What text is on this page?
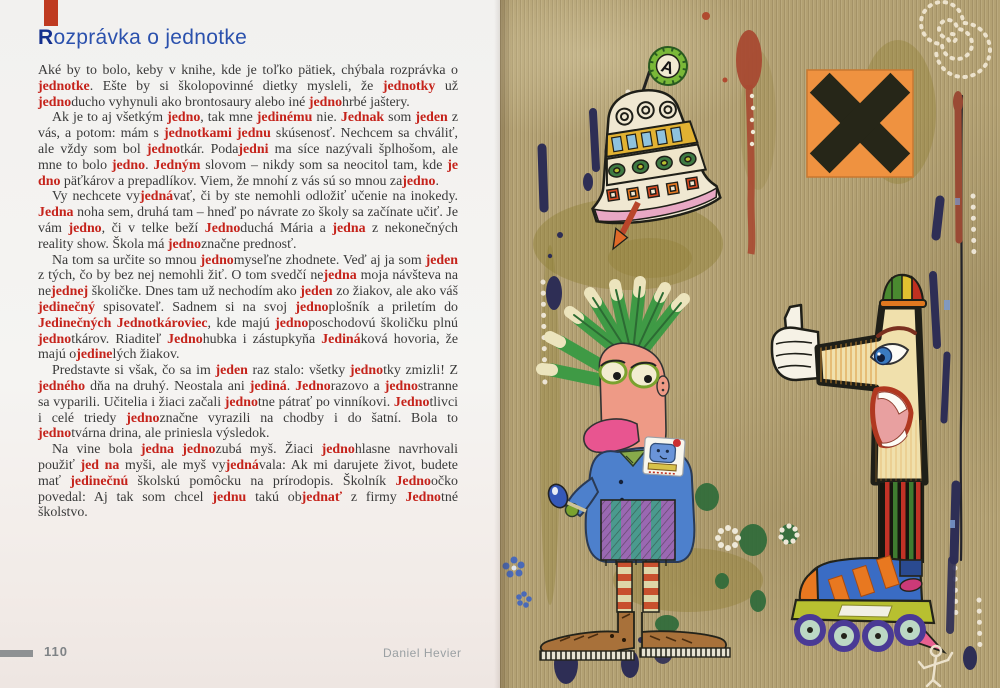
Rozprávka o jednotke

Aké by to bolo, keby v knihe, kde je toľko pätiek, chýbala rozprávka o jednotke. Ešte by si školopovinné dietky mysleli, že jednotky už jednoducho vyhynuli ako brontosaury alebo iné jednohrbé jaštery.

Ak je to aj všetkým jedno, tak mne jedinému nie. Jednak som jeden z vás, a potom: mám s jednotkami jednu skúsenosť. Nechcem sa chváliť, ale vždy som bol jednotkár. Podajedni ma síce nazývali šplhošom, ale mne to bolo jedno. Jedným slovom – nikdy som sa neocitol tam, kde je dno päťkárov a prepadlíkov. Viem, že mnohí z vás sú so mnou zajedno.

Vy nechcete vyjednávať, či by ste nemohli odložiť učenie na inokedy. Jedna noha sem, druhá tam – hneď po návrate zo školy sa začínate učiť. Je vám jedno, či v telke beží Jednoduchá Mária a jedna z nekonečných reality show. Škola má jednoznačne prednosť.

Na tom sa určite so mnou jednomyseľne zhodnete. Veď aj ja som jeden z tých, čo by bez nej nemohli žiť. O tom svedčí nejedna moja návšteva na nejednej školičke. Dnes tam už nechodím ako jeden zo žiakov, ale ako váš jedinečný spisovateľ. Sadnem si na svoj jednoplošník a priletím do Jedinečných Jednotkároviec, kde majú jednoposchodovú školičku plnú jednotkárov. Riaditeľ Jednohubka i zástupkyňa Jedináková hovoria, že majú ojedinelých žiakov.

Predstavte si však, čo sa im jeden raz stalo: všetky jednotky zmizli! Z jedného dňa na druhý. Neostala ani jediná. Jednorazovo a jednostranne sa vyparili. Učitelia i žiaci začali jednotne pátrať po vinníkovi. Jednotlivci i celé triedy jednoznačne vyrazili na chodby i do šatní. Bola to jednotvárna drina, ale priniesla výsledok.

Na vine bola jedna jednozubá myš. Žiaci jednohlasne navrhovali použiť jed na myši, ale myš vyjednávala: Ak mi darujete život, budete mať jedinečnú školskú pomôcku na prírodopis. Školník Jednoočko povedal: Aj tak som chcel jednu takú objednať z firmy Jednotné školstvo.

110	Daniel Hevier
A
